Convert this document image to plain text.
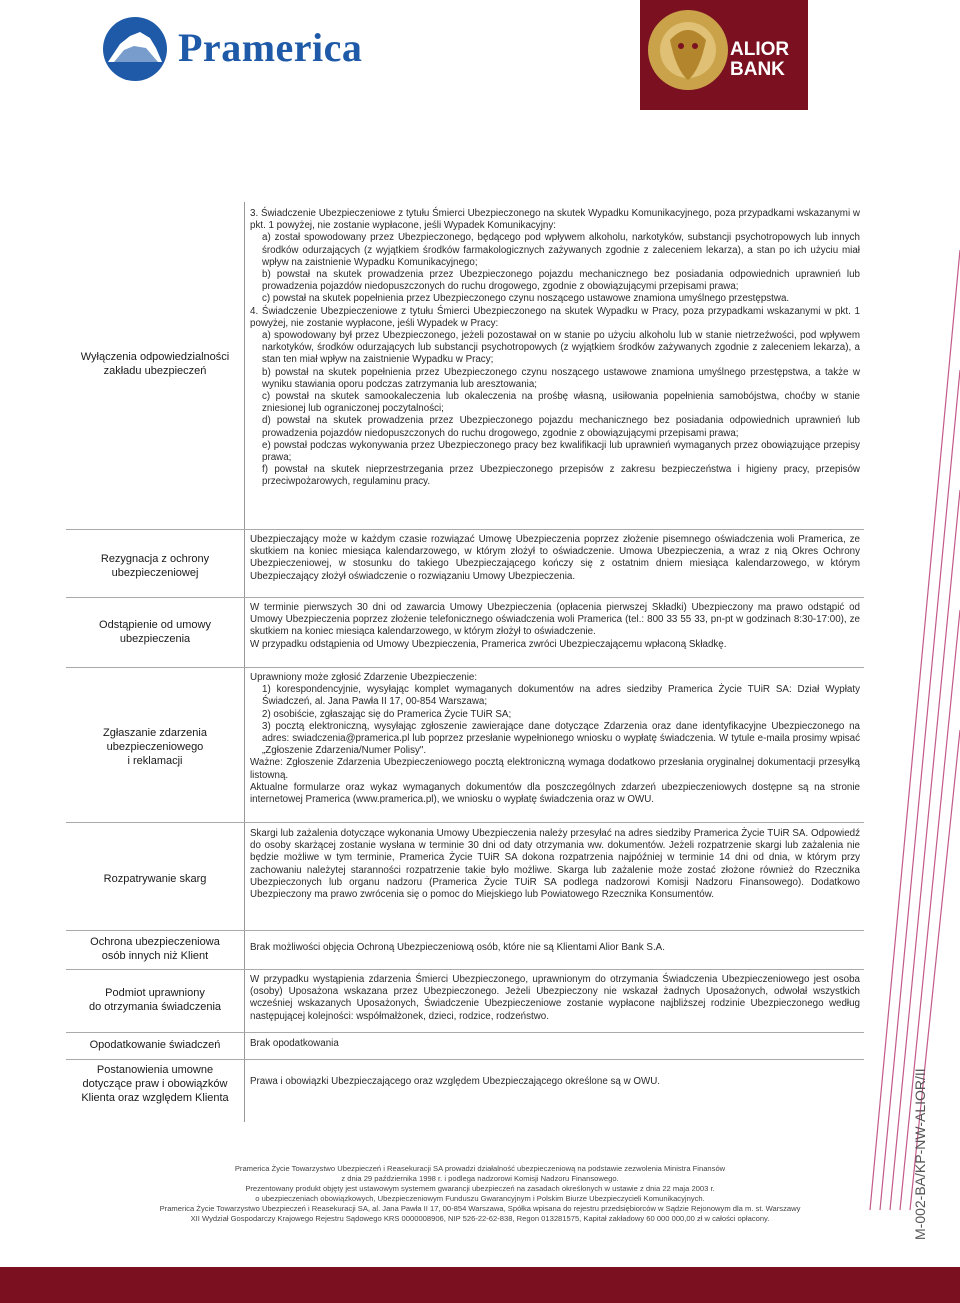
Pramerica	ALIOR
BANK
M-002-BA/KP-NW-ALIOR/II
Wyłączenia odpowiedzialności
zakładu ubezpieczeń
Rezygnacja z ochrony
ubezpieczeniowej
Odstąpienie od umowy
ubezpieczenia
Zgłaszanie zdarzenia
ubezpieczeniowego
i reklamacji
Rozpatrywanie skarg
Ochrona ubezpieczeniowa
osób innych niż Klient
Podmiot uprawniony
do otrzymania świadczenia
Opodatkowanie świadczeń
Postanowienia umowne
dotyczące praw i obowiązków
Klienta oraz względem Klienta
3. Świadczenie Ubezpieczeniowe z tytułu Śmierci Ubezpieczonego na skutek Wypadku Komunikacyjnego, poza przypadkami wskazanymi w pkt. 1 powyżej, nie zostanie wypłacone, jeśli Wypadek Komunikacyjny:
a) został spowodowany przez Ubezpieczonego, będącego pod wpływem alkoholu, narkotyków, substancji psychotropowych lub innych środków odurzających (z wyjątkiem środków farmakologicznych zażywanych zgodnie z zaleceniem lekarza), a stan po ich użyciu miał wpływ na zaistnienie Wypadku Komunikacyjnego;
b) powstał na skutek prowadzenia przez Ubezpieczonego pojazdu mechanicznego bez posiadania odpowiednich uprawnień lub prowadzenia pojazdów niedopuszczonych do ruchu drogowego, zgodnie z obowiązującymi przepisami prawa;
c) powstał na skutek popełnienia przez Ubezpieczonego czynu noszącego ustawowe znamiona umyślnego przestępstwa.
4. Świadczenie Ubezpieczeniowe z tytułu Śmierci Ubezpieczonego na skutek Wypadku w Pracy, poza przypadkami wskazanymi w pkt. 1 powyżej, nie zostanie wypłacone, jeśli Wypadek w Pracy:
a) spowodowany był przez Ubezpieczonego, jeżeli pozostawał on w stanie po użyciu alkoholu lub w stanie nietrzeźwości, pod wpływem narkotyków, środków odurzających lub substancji psychotropowych (z wyjątkiem środków zażywanych zgodnie z zaleceniem lekarza), a stan ten miał wpływ na zaistnienie Wypadku w Pracy;
b) powstał na skutek popełnienia przez Ubezpieczonego czynu noszącego ustawowe znamiona umyślnego przestępstwa, a także w wyniku stawiania oporu podczas zatrzymania lub aresztowania;
c) powstał na skutek samookaleczenia lub okaleczenia na prośbę własną, usiłowania popełnienia samobójstwa, choćby w stanie zniesionej lub ograniczonej poczytalności;
d) powstał na skutek prowadzenia przez Ubezpieczonego pojazdu mechanicznego bez posiadania odpowiednich uprawnień lub prowadzenia pojazdów niedopuszczonych do ruchu drogowego, zgodnie z obowiązującymi przepisami prawa;
e) powstał podczas wykonywania przez Ubezpieczonego pracy bez kwalifikacji lub uprawnień wymaganych przez obowiązujące przepisy prawa;
f) powstał na skutek nieprzestrzegania przez Ubezpieczonego przepisów z zakresu bezpieczeństwa i higieny pracy, przepisów przeciwpożarowych, regulaminu pracy.
Ubezpieczający może w każdym czasie rozwiązać Umowę Ubezpieczenia poprzez złożenie pisemnego oświadczenia woli Pramerica, ze skutkiem na koniec miesiąca kalendarzowego, w którym złożył to oświadczenie. Umowa Ubezpieczenia, a wraz z nią Okres Ochrony Ubezpieczeniowej, w stosunku do takiego Ubezpieczającego kończy się z ostatnim dniem miesiąca kalendarzowego, w którym Ubezpieczający złożył oświadczenie o rozwiązaniu Umowy Ubezpieczenia.
W terminie pierwszych 30 dni od zawarcia Umowy Ubezpieczenia (opłacenia pierwszej Składki) Ubezpieczony ma prawo odstąpić od Umowy Ubezpieczenia poprzez złożenie telefonicznego oświadczenia woli Pramerica (tel.: 800 33 55 33, pn-pt w godzinach 8:30-17:00), ze skutkiem na koniec miesiąca kalendarzowego, w którym złożył to oświadczenie.
W przypadku odstąpienia od Umowy Ubezpieczenia, Pramerica zwróci Ubezpieczającemu wpłaconą Składkę.
Uprawniony może zgłosić Zdarzenie Ubezpieczenie:
1) korespondencyjnie, wysyłając komplet wymaganych dokumentów na adres siedziby Pramerica Życie TUiR SA: Dział Wypłaty Świadczeń, al. Jana Pawła II 17, 00-854 Warszawa;
2) osobiście, zgłaszając się do Pramerica Życie TUiR SA;
3) pocztą elektroniczną, wysyłając zgłoszenie zawierające dane dotyczące Zdarzenia oraz dane identyfikacyjne Ubezpieczonego na adres: swiadczenia@pramerica.pl lub poprzez przesłanie wypełnionego wniosku o wypłatę świadczenia. W tytule e-maila prosimy wpisać „Zgłoszenie Zdarzenia/Numer Polisy".
Ważne: Zgłoszenie Zdarzenia Ubezpieczeniowego pocztą elektroniczną wymaga dodatkowo przesłania oryginalnej dokumentacji przesyłką listowną.
Aktualne formularze oraz wykaz wymaganych dokumentów dla poszczególnych zdarzeń ubezpieczeniowych dostępne są na stronie internetowej Pramerica (www.pramerica.pl), we wniosku o wypłatę świadczenia oraz w OWU.
Skargi lub zażalenia dotyczące wykonania Umowy Ubezpieczenia należy przesyłać na adres siedziby Pramerica Życie TUiR SA. Odpowiedź do osoby skarżącej zostanie wysłana w terminie 30 dni od daty otrzymania ww. dokumentów. Jeżeli rozpatrzenie skargi lub zażalenia nie będzie możliwe w tym terminie, Pramerica Życie TUiR SA dokona rozpatrzenia najpóźniej w terminie 14 dni od dnia, w którym przy zachowaniu należytej staranności rozpatrzenie takie było możliwe. Skarga lub zażalenie może zostać złożone również do Rzecznika Ubezpieczonych lub organu nadzoru (Pramerica Życie TUiR SA podlega nadzorowi Komisji Nadzoru Finansowego). Dodatkowo Ubezpieczony ma prawo zwrócenia się o pomoc do Miejskiego lub Powiatowego Rzecznika Konsumentów.
Brak możliwości objęcia Ochroną Ubezpieczeniową osób, które nie są Klientami Alior Bank S.A.
W przypadku wystąpienia zdarzenia Śmierci Ubezpieczonego, uprawnionym do otrzymania Świadczenia Ubezpieczeniowego jest osoba (osoby) Uposażona wskazana przez Ubezpieczonego. Jeżeli Ubezpieczony nie wskazał żadnych Uposażonych, odwołał wszystkich wcześniej wskazanych Uposażonych, Świadczenie Ubezpieczeniowe zostanie wypłacone najbliższej rodzinie Ubezpieczonego według następującej kolejności: współmałżonek, dzieci, rodzice, rodzeństwo.
Brak opodatkowania
Prawa i obowiązki Ubezpieczającego oraz względem Ubezpieczającego określone są w OWU.
Pramerica Życie Towarzystwo Ubezpieczeń i Reasekuracji SA prowadzi działalność ubezpieczeniową na podstawie zezwolenia Ministra Finansów
z dnia 29 października 1998 r. i podlega nadzorowi Komisji Nadzoru Finansowego.
Prezentowany produkt objęty jest ustawowym systemem gwarancji ubezpieczeń na zasadach określonych w ustawie z dnia 22 maja 2003 r.
o ubezpieczeniach obowiązkowych, Ubezpieczeniowym Funduszu Gwarancyjnym i Polskim Biurze Ubezpieczycieli Komunikacyjnych.
Pramerica Życie Towarzystwo Ubezpieczeń i Reasekuracji SA, al. Jana Pawła II 17, 00-854 Warszawa, Spółka wpisana do rejestru przedsiębiorców w Sądzie Rejonowym dla m. st. Warszawy
XII Wydział Gospodarczy Krajowego Rejestru Sądowego KRS 0000008906, NIP 526-22-62-838, Regon 013281575, Kapitał zakładowy 60 000 000,00 zł w całości opłacony.
